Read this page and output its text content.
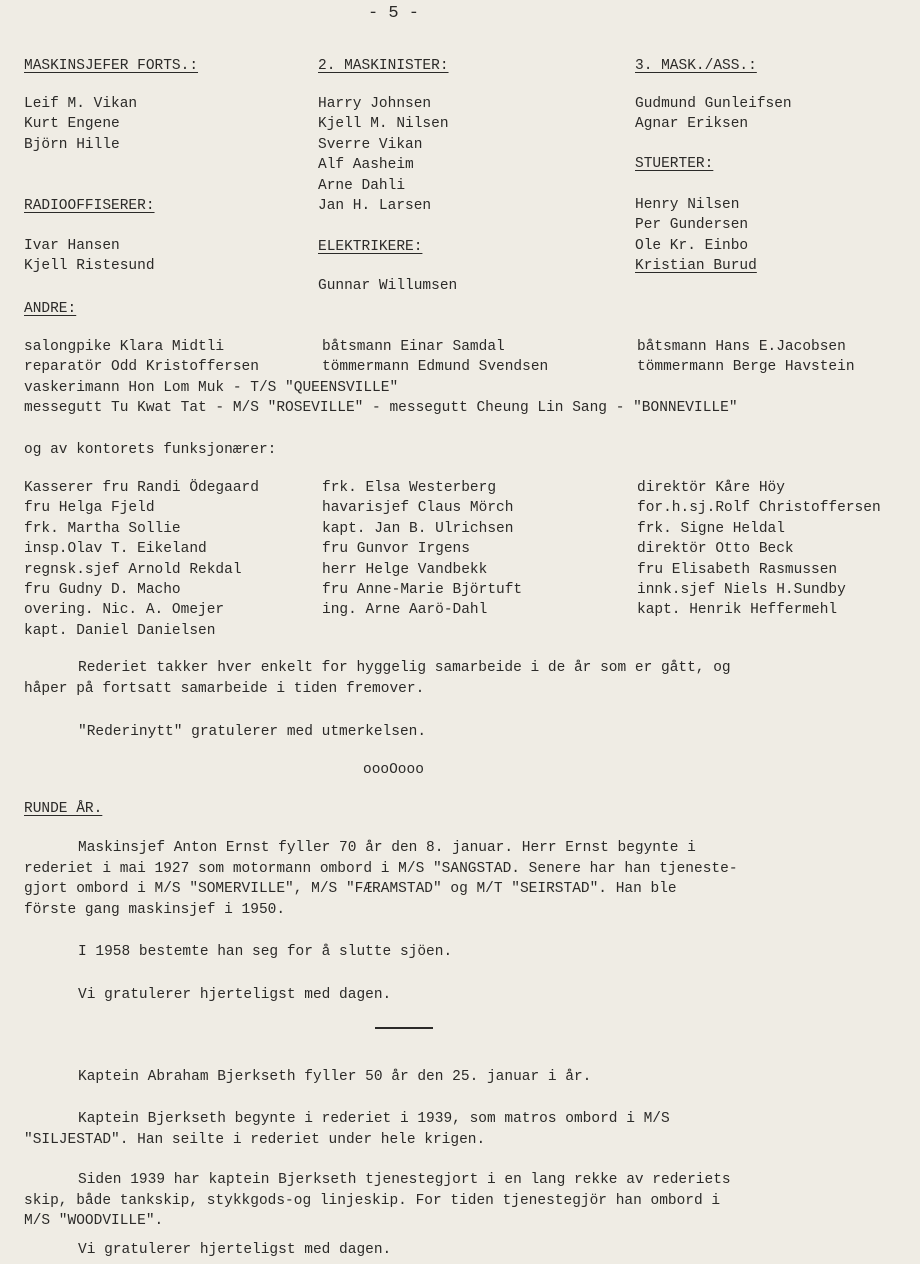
- 5 -
MASKINSJEFER FORTS.:	2. MASKINISTER:	3. MASK./ASS.:
Leif M. Vikan
Kurt Engene
Björn Hille
Harry Johnsen
Kjell M. Nilsen
Sverre Vikan
Alf Aasheim
Arne Dahli
Jan H. Larsen
Gudmund Gunleifsen
Agnar Eriksen
STUERTER:
Henry Nilsen
Per Gundersen
Ole Kr. Einbo
Kristian Burud
RADIOOFFISERER:
Ivar Hansen
Kjell Ristesund
ELEKTRIKERE:
Gunnar Willumsen
ANDRE:
salongpike Klara Midtli
reparatör Odd Kristoffersen
båtsmann Einar Samdal
tömmermann Edmund Svendsen
båtsmann Hans E.Jacobsen
tömmermann Berge Havstein
vaskerimann Hon Lom Muk - T/S "QUEENSVILLE"
messegutt Tu Kwat Tat - M/S "ROSEVILLE" - messegutt Cheung Lin Sang - "BONNEVILLE"
og av kontorets funksjonærer:
Kasserer fru Randi Ödegaard
fru Helga Fjeld
frk. Martha Sollie
insp.Olav T. Eikeland
regnsk.sjef Arnold Rekdal
fru Gudny D. Macho
overing. Nic. A. Omejer
kapt. Daniel Danielsen
frk. Elsa Westerberg
havarisjef Claus Mörch
kapt. Jan B. Ulrichsen
fru Gunvor Irgens
herr Helge Vandbekk
fru Anne-Marie Björtuft
ing. Arne Aarö-Dahl
direktör Kåre Höy
for.h.sj.Rolf Christoffersen
frk. Signe Heldal
direktör Otto Beck
fru Elisabeth Rasmussen
innk.sjef Niels H.Sundby
kapt. Henrik Heffermehl
Rederiet takker hver enkelt for hyggelig samarbeide i de år som er gått, og
håper på fortsatt samarbeide i tiden fremover.
"Rederinytt" gratulerer med utmerkelsen.
oooOooo
RUNDE ÅR.
Maskinsjef Anton Ernst fyller 70 år den 8. januar. Herr Ernst begynte i
rederiet i mai 1927 som motormann ombord i M/S "SANGSTAD. Senere har han tjeneste-
gjort ombord i M/S "SOMERVILLE", M/S "FÆRAMSTAD" og M/T "SEIRSTAD". Han ble
förste gang maskinsjef i 1950.
I 1958 bestemte han seg for å slutte sjöen.
Vi gratulerer hjerteligst med dagen.
Kaptein Abraham Bjerkseth fyller 50 år den 25. januar i år.
Kaptein Bjerkseth begynte i rederiet i 1939, som matros ombord i M/S
"SILJESTAD". Han seilte i rederiet under hele krigen.
Siden 1939 har kaptein Bjerkseth tjenestegjort i en lang rekke av rederiets
skip, både tankskip, stykkgods-og linjeskip. For tiden tjenestegjör han ombord i
M/S "WOODVILLE".
Vi gratulerer hjerteligst med dagen.
